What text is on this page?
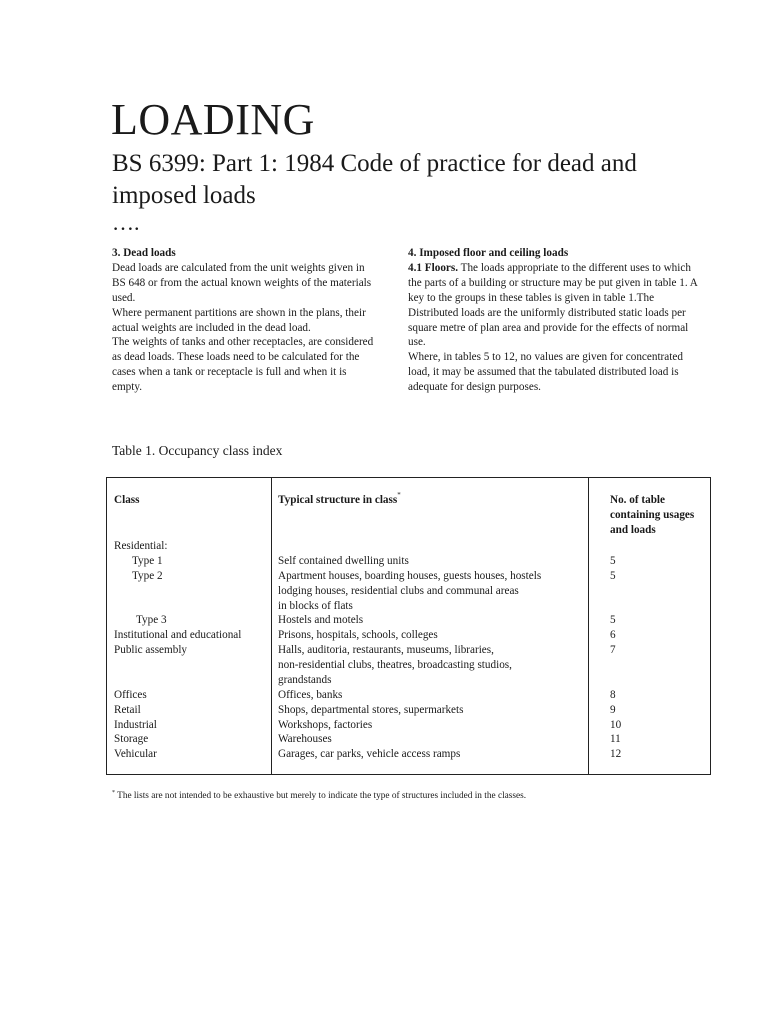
LOADING
BS 6399: Part 1: 1984 Code of practice for dead and imposed loads
….

3. Dead loads

Dead loads are calculated from the unit weights given in BS 648 or from the actual known weights of the materials used.

Where permanent partitions are shown in the plans, their actual weights are included in the dead load.

The weights of tanks and other receptacles, are considered as dead loads. These loads need to be calculated for the cases when a tank or receptacle is full and when it is empty.

4. Imposed floor and ceiling loads

4.1 Floors. The loads appropriate to the different uses to which the parts of a building or structure may be put given in table 1. A key to the groups in these tables is given in table 1.The Distributed loads are the uniformly distributed static loads per square metre of plan area and provide for the effects of normal use.

Where, in tables 5 to 12, no values are given for concentrated load, it may be assumed that the tabulated distributed load is adequate for design purposes.

Table 1. Occupancy class index
Class	Typical structure in class*	No. of table containing usages and loads
Residential:
Type 1	Self contained dwelling units	5
Type 2	Apartment houses, boarding houses, guests houses, hostels	5
lodging houses, residential clubs and communal areas
in blocks of flats
Type 3	Hostels and motels	5
Institutional and educational	Prisons, hospitals, schools, colleges	6
Public assembly	Halls, auditoria, restaurants, museums, libraries,	7
non-residential clubs, theatres, broadcasting studios,
grandstands
Offices	Offices, banks	8
Retail	Shops, departmental stores, supermarkets	9
Industrial	Workshops, factories	10
Storage	Warehouses	11
Vehicular	Garages, car parks, vehicle access ramps	12
* The lists are not intended to be exhaustive but merely to indicate the type of structures included in the classes.
